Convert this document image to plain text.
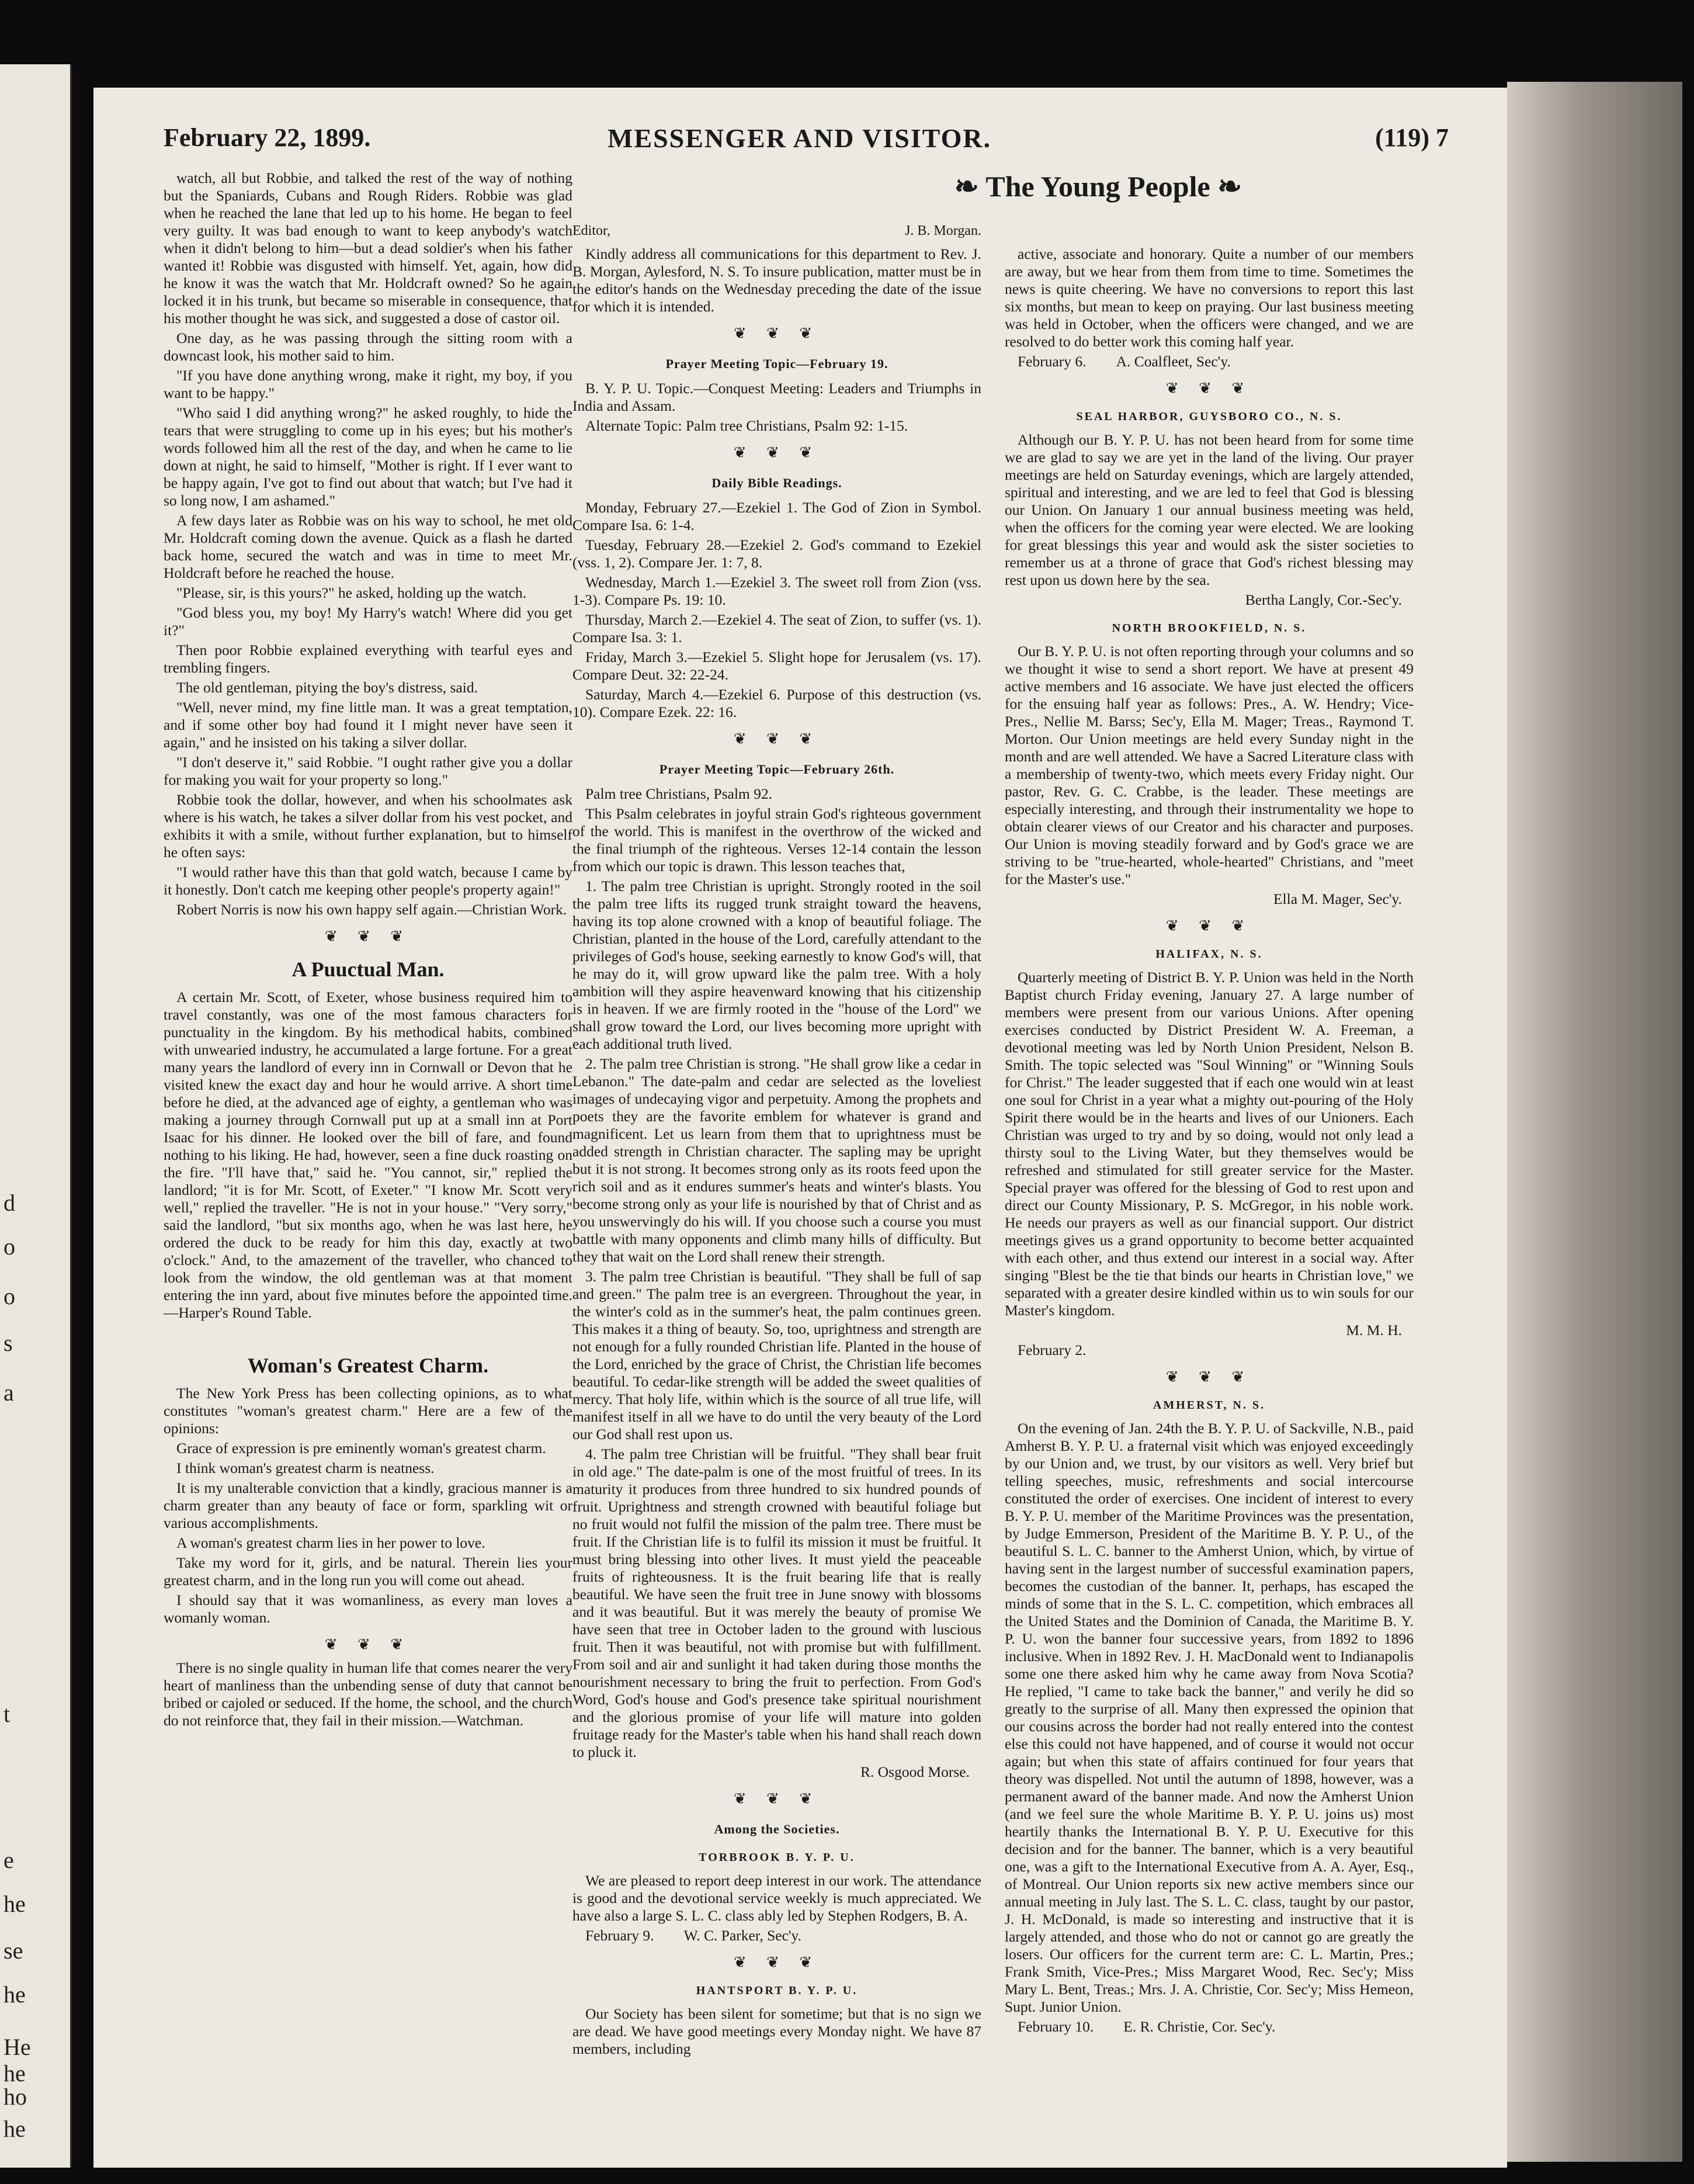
d
o
o
s
a
t
e
he
se
he
He
he
ho
he
February 22, 1899.	MESSENGER AND VISITOR.	(119) 7
❧ The Young People ❧

watch, all but Robbie, and talked the rest of the way of nothing but the Spaniards, Cubans and Rough Riders. Robbie was glad when he reached the lane that led up to his home. He began to feel very guilty. It was bad enough to want to keep anybody's watch when it didn't belong to him—but a dead soldier's when his father wanted it! Robbie was disgusted with himself. Yet, again, how did he know it was the watch that Mr. Holdcraft owned? So he again locked it in his trunk, but became so miserable in consequence, that his mother thought he was sick, and suggested a dose of castor oil.

One day, as he was passing through the sitting room with a downcast look, his mother said to him.

"If you have done anything wrong, make it right, my boy, if you want to be happy."

"Who said I did anything wrong?" he asked roughly, to hide the tears that were struggling to come up in his eyes; but his mother's words followed him all the rest of the day, and when he came to lie down at night, he said to himself, "Mother is right. If I ever want to be happy again, I've got to find out about that watch; but I've had it so long now, I am ashamed."

A few days later as Robbie was on his way to school, he met old Mr. Holdcraft coming down the avenue. Quick as a flash he darted back home, secured the watch and was in time to meet Mr. Holdcraft before he reached the house.

"Please, sir, is this yours?" he asked, holding up the watch.

"God bless you, my boy! My Harry's watch! Where did you get it?"

Then poor Robbie explained everything with tearful eyes and trembling fingers.

The old gentleman, pitying the boy's distress, said.

"Well, never mind, my fine little man. It was a great temptation, and if some other boy had found it I might never have seen it again," and he insisted on his taking a silver dollar.

"I don't deserve it," said Robbie. "I ought rather give you a dollar for making you wait for your property so long."

Robbie took the dollar, however, and when his schoolmates ask where is his watch, he takes a silver dollar from his vest pocket, and exhibits it with a smile, without further explanation, but to himself he often says:

"I would rather have this than that gold watch, because I came by it honestly. Don't catch me keeping other people's property again!"

Robert Norris is now his own happy self again.—Christian Work.

❦ ❦ ❦
A Puuctual Man.

A certain Mr. Scott, of Exeter, whose business required him to travel constantly, was one of the most famous characters for punctuality in the kingdom. By his methodical habits, combined with unwearied industry, he accumulated a large fortune. For a great many years the landlord of every inn in Cornwall or Devon that he visited knew the exact day and hour he would arrive. A short time before he died, at the advanced age of eighty, a gentleman who was making a journey through Cornwall put up at a small inn at Port Isaac for his dinner. He looked over the bill of fare, and found nothing to his liking. He had, however, seen a fine duck roasting on the fire. "I'll have that," said he. "You cannot, sir," replied the landlord; "it is for Mr. Scott, of Exeter." "I know Mr. Scott very well," replied the traveller. "He is not in your house." "Very sorry," said the landlord, "but six months ago, when he was last here, he ordered the duck to be ready for him this day, exactly at two o'clock." And, to the amazement of the traveller, who chanced to look from the window, the old gentleman was at that moment entering the inn yard, about five minutes before the appointed time.—Harper's Round Table.

Woman's Greatest Charm.

The New York Press has been collecting opinions, as to what constitutes "woman's greatest charm." Here are a few of the opinions:

Grace of expression is pre eminently woman's greatest charm.

I think woman's greatest charm is neatness.

It is my unalterable conviction that a kindly, gracious manner is a charm greater than any beauty of face or form, sparkling wit or various accomplishments.

A woman's greatest charm lies in her power to love.

Take my word for it, girls, and be natural. Therein lies your greatest charm, and in the long run you will come out ahead.

I should say that it was womanliness, as every man loves a womanly woman.

❦ ❦ ❦

There is no single quality in human life that comes nearer the very heart of manliness than the unbending sense of duty that cannot be bribed or cajoled or seduced. If the home, the school, and the church do not reinforce that, they fail in their mission.—Watchman.

Editor,	J. B. Morgan.

Kindly address all communications for this department to Rev. J. B. Morgan, Aylesford, N. S. To insure publication, matter must be in the editor's hands on the Wednesday preceding the date of the issue for which it is intended.

❦ ❦ ❦
Prayer Meeting Topic—February 19.

B. Y. P. U. Topic.—Conquest Meeting: Leaders and Triumphs in India and Assam.

Alternate Topic: Palm tree Christians, Psalm 92: 1-15.

❦ ❦ ❦
Daily Bible Readings.

Monday, February 27.—Ezekiel 1. The God of Zion in Symbol. Compare Isa. 6: 1-4.

Tuesday, February 28.—Ezekiel 2. God's command to Ezekiel (vss. 1, 2). Compare Jer. 1: 7, 8.

Wednesday, March 1.—Ezekiel 3. The sweet roll from Zion (vss. 1-3). Compare Ps. 19: 10.

Thursday, March 2.—Ezekiel 4. The seat of Zion, to suffer (vs. 1). Compare Isa. 3: 1.

Friday, March 3.—Ezekiel 5. Slight hope for Jerusalem (vs. 17). Compare Deut. 32: 22-24.

Saturday, March 4.—Ezekiel 6. Purpose of this destruction (vs. 10). Compare Ezek. 22: 16.

❦ ❦ ❦
Prayer Meeting Topic—February 26th.

Palm tree Christians, Psalm 92.

This Psalm celebrates in joyful strain God's righteous government of the world. This is manifest in the overthrow of the wicked and the final triumph of the righteous. Verses 12-14 contain the lesson from which our topic is drawn. This lesson teaches that,

1. The palm tree Christian is upright. Strongly rooted in the soil the palm tree lifts its rugged trunk straight toward the heavens, having its top alone crowned with a knop of beautiful foliage. The Christian, planted in the house of the Lord, carefully attendant to the privileges of God's house, seeking earnestly to know God's will, that he may do it, will grow upward like the palm tree. With a holy ambition will they aspire heavenward knowing that his citizenship is in heaven. If we are firmly rooted in the "house of the Lord" we shall grow toward the Lord, our lives becoming more upright with each additional truth lived.

2. The palm tree Christian is strong. "He shall grow like a cedar in Lebanon." The date-palm and cedar are selected as the loveliest images of undecaying vigor and perpetuity. Among the prophets and poets they are the favorite emblem for whatever is grand and magnificent. Let us learn from them that to uprightness must be added strength in Christian character. The sapling may be upright but it is not strong. It becomes strong only as its roots feed upon the rich soil and as it endures summer's heats and winter's blasts. You become strong only as your life is nourished by that of Christ and as you unswervingly do his will. If you choose such a course you must battle with many opponents and climb many hills of difficulty. But they that wait on the Lord shall renew their strength.

3. The palm tree Christian is beautiful. "They shall be full of sap and green." The palm tree is an evergreen. Throughout the year, in the winter's cold as in the summer's heat, the palm continues green. This makes it a thing of beauty. So, too, uprightness and strength are not enough for a fully rounded Christian life. Planted in the house of the Lord, enriched by the grace of Christ, the Christian life becomes beautiful. To cedar-like strength will be added the sweet qualities of mercy. That holy life, within which is the source of all true life, will manifest itself in all we have to do until the very beauty of the Lord our God shall rest upon us.

4. The palm tree Christian will be fruitful. "They shall bear fruit in old age." The date-palm is one of the most fruitful of trees. In its maturity it produces from three hundred to six hundred pounds of fruit. Uprightness and strength crowned with beautiful foliage but no fruit would not fulfil the mission of the palm tree. There must be fruit. If the Christian life is to fulfil its mission it must be fruitful. It must bring blessing into other lives. It must yield the peaceable fruits of righteousness. It is the fruit bearing life that is really beautiful. We have seen the fruit tree in June snowy with blossoms and it was beautiful. But it was merely the beauty of promise We have seen that tree in October laden to the ground with luscious fruit. Then it was beautiful, not with promise but with fulfillment. From soil and air and sunlight it had taken during those months the nourishment necessary to bring the fruit to perfection. From God's Word, God's house and God's presence take spiritual nourishment and the glorious promise of your life will mature into golden fruitage ready for the Master's table when his hand shall reach down to pluck it.

R. Osgood Morse.

❦ ❦ ❦
Among the Societies.
TORBROOK B. Y. P. U.

We are pleased to report deep interest in our work. The attendance is good and the devotional service weekly is much appreciated. We have also a large S. L. C. class ably led by Stephen Rodgers, B. A.

February 9. W. C. Parker, Sec'y.

❦ ❦ ❦
HANTSPORT B. Y. P. U.

Our Society has been silent for sometime; but that is no sign we are dead. We have good meetings every Monday night. We have 87 members, including

active, associate and honorary. Quite a number of our members are away, but we hear from them from time to time. Sometimes the news is quite cheering. We have no conversions to report this last six months, but mean to keep on praying. Our last business meeting was held in October, when the officers were changed, and we are resolved to do better work this coming half year.

February 6. A. Coalfleet, Sec'y.

❦ ❦ ❦
SEAL HARBOR, GUYSBORO CO., N. S.

Although our B. Y. P. U. has not been heard from for some time we are glad to say we are yet in the land of the living. Our prayer meetings are held on Saturday evenings, which are largely attended, spiritual and interesting, and we are led to feel that God is blessing our Union. On January 1 our annual business meeting was held, when the officers for the coming year were elected. We are looking for great blessings this year and would ask the sister societies to remember us at a throne of grace that God's richest blessing may rest upon us down here by the sea.

Bertha Langly, Cor.-Sec'y.

NORTH BROOKFIELD, N. S.

Our B. Y. P. U. is not often reporting through your columns and so we thought it wise to send a short report. We have at present 49 active members and 16 associate. We have just elected the officers for the ensuing half year as follows: Pres., A. W. Hendry; Vice-Pres., Nellie M. Barss; Sec'y, Ella M. Mager; Treas., Raymond T. Morton. Our Union meetings are held every Sunday night in the month and are well attended. We have a Sacred Literature class with a membership of twenty-two, which meets every Friday night. Our pastor, Rev. G. C. Crabbe, is the leader. These meetings are especially interesting, and through their instrumentality we hope to obtain clearer views of our Creator and his character and purposes. Our Union is moving steadily forward and by God's grace we are striving to be "true-hearted, whole-hearted" Christians, and "meet for the Master's use."

Ella M. Mager, Sec'y.

❦ ❦ ❦
HALIFAX, N. S.

Quarterly meeting of District B. Y. P. Union was held in the North Baptist church Friday evening, January 27. A large number of members were present from our various Unions. After opening exercises conducted by District President W. A. Freeman, a devotional meeting was led by North Union President, Nelson B. Smith. The topic selected was "Soul Winning" or "Winning Souls for Christ." The leader suggested that if each one would win at least one soul for Christ in a year what a mighty out-pouring of the Holy Spirit there would be in the hearts and lives of our Unioners. Each Christian was urged to try and by so doing, would not only lead a thirsty soul to the Living Water, but they themselves would be refreshed and stimulated for still greater service for the Master. Special prayer was offered for the blessing of God to rest upon and direct our County Missionary, P. S. McGregor, in his noble work. He needs our prayers as well as our financial support. Our district meetings gives us a grand opportunity to become better acquainted with each other, and thus extend our interest in a social way. After singing "Blest be the tie that binds our hearts in Christian love," we separated with a greater desire kindled within us to win souls for our Master's kingdom.

M. M. H.

February 2.

❦ ❦ ❦
AMHERST, N. S.

On the evening of Jan. 24th the B. Y. P. U. of Sackville, N.B., paid Amherst B. Y. P. U. a fraternal visit which was enjoyed exceedingly by our Union and, we trust, by our visitors as well. Very brief but telling speeches, music, refreshments and social intercourse constituted the order of exercises. One incident of interest to every B. Y. P. U. member of the Maritime Provinces was the presentation, by Judge Emmerson, President of the Maritime B. Y. P. U., of the beautiful S. L. C. banner to the Amherst Union, which, by virtue of having sent in the largest number of successful examination papers, becomes the custodian of the banner. It, perhaps, has escaped the minds of some that in the S. L. C. competition, which embraces all the United States and the Dominion of Canada, the Maritime B. Y. P. U. won the banner four successive years, from 1892 to 1896 inclusive. When in 1892 Rev. J. H. MacDonald went to Indianapolis some one there asked him why he came away from Nova Scotia? He replied, "I came to take back the banner," and verily he did so greatly to the surprise of all. Many then expressed the opinion that our cousins across the border had not really entered into the contest else this could not have happened, and of course it would not occur again; but when this state of affairs continued for four years that theory was dispelled. Not until the autumn of 1898, however, was a permanent award of the banner made. And now the Amherst Union (and we feel sure the whole Maritime B. Y. P. U. joins us) most heartily thanks the International B. Y. P. U. Executive for this decision and for the banner. The banner, which is a very beautiful one, was a gift to the International Executive from A. A. Ayer, Esq., of Montreal. Our Union reports six new active members since our annual meeting in July last. The S. L. C. class, taught by our pastor, J. H. McDonald, is made so interesting and instructive that it is largely attended, and those who do not or cannot go are greatly the losers. Our officers for the current term are: C. L. Martin, Pres.; Frank Smith, Vice-Pres.; Miss Margaret Wood, Rec. Sec'y; Miss Mary L. Bent, Treas.; Mrs. J. A. Christie, Cor. Sec'y; Miss Hemeon, Supt. Junior Union.

February 10. E. R. Christie, Cor. Sec'y.
